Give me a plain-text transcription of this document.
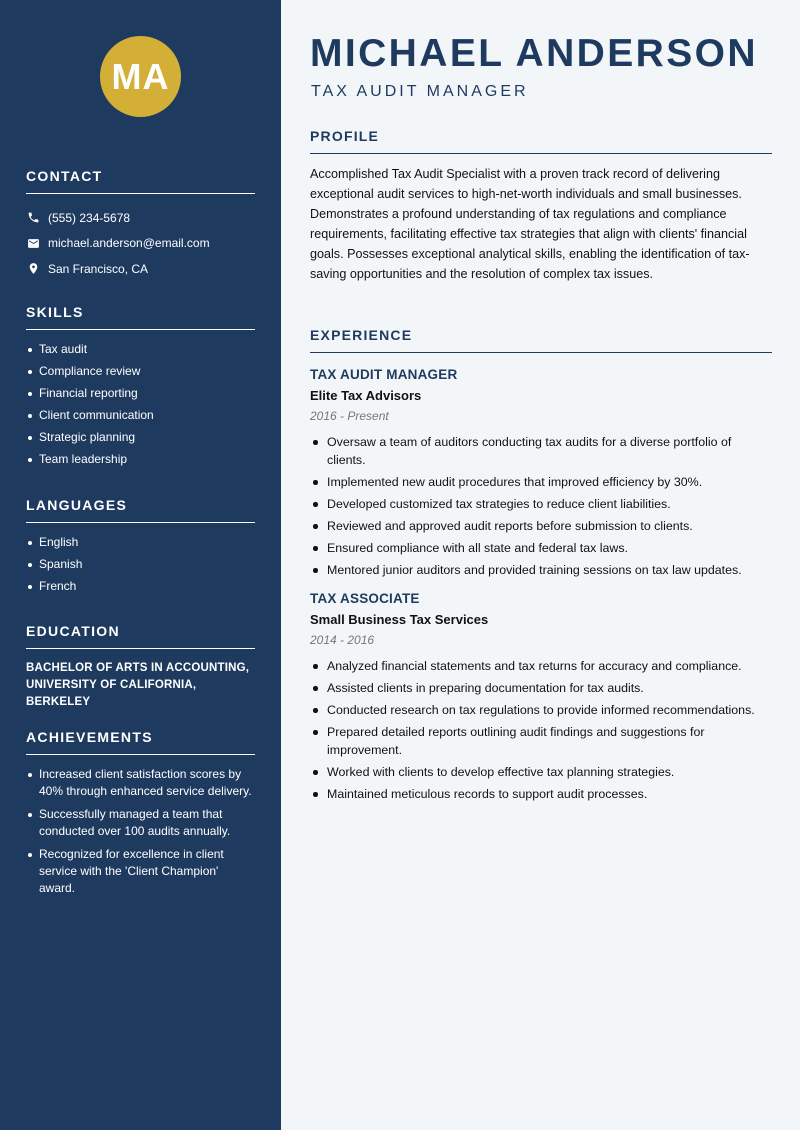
MA
CONTACT
(555) 234-5678
michael.anderson@email.com
San Francisco, CA
SKILLS
Tax audit
Compliance review
Financial reporting
Client communication
Strategic planning
Team leadership
LANGUAGES
English
Spanish
French
EDUCATION

BACHELOR OF ARTS IN ACCOUNTING, UNIVERSITY OF CALIFORNIA, BERKELEY

ACHIEVEMENTS
Increased client satisfaction scores by 40% through enhanced service delivery.
Successfully managed a team that conducted over 100 audits annually.
Recognized for excellence in client service with the 'Client Champion' award.
MICHAEL ANDERSON
TAX AUDIT MANAGER
PROFILE

Accomplished Tax Audit Specialist with a proven track record of delivering exceptional audit services to high-net-worth individuals and small businesses. Demonstrates a profound understanding of tax regulations and compliance requirements, facilitating effective tax strategies that align with clients' financial goals. Possesses exceptional analytical skills, enabling the identification of tax-saving opportunities and the resolution of complex tax issues.

EXPERIENCE
TAX AUDIT MANAGER
Elite Tax Advisors
2016 - Present
Oversaw a team of auditors conducting tax audits for a diverse portfolio of clients.
Implemented new audit procedures that improved efficiency by 30%.
Developed customized tax strategies to reduce client liabilities.
Reviewed and approved audit reports before submission to clients.
Ensured compliance with all state and federal tax laws.
Mentored junior auditors and provided training sessions on tax law updates.
TAX ASSOCIATE
Small Business Tax Services
2014 - 2016
Analyzed financial statements and tax returns for accuracy and compliance.
Assisted clients in preparing documentation for tax audits.
Conducted research on tax regulations to provide informed recommendations.
Prepared detailed reports outlining audit findings and suggestions for improvement.
Worked with clients to develop effective tax planning strategies.
Maintained meticulous records to support audit processes.
